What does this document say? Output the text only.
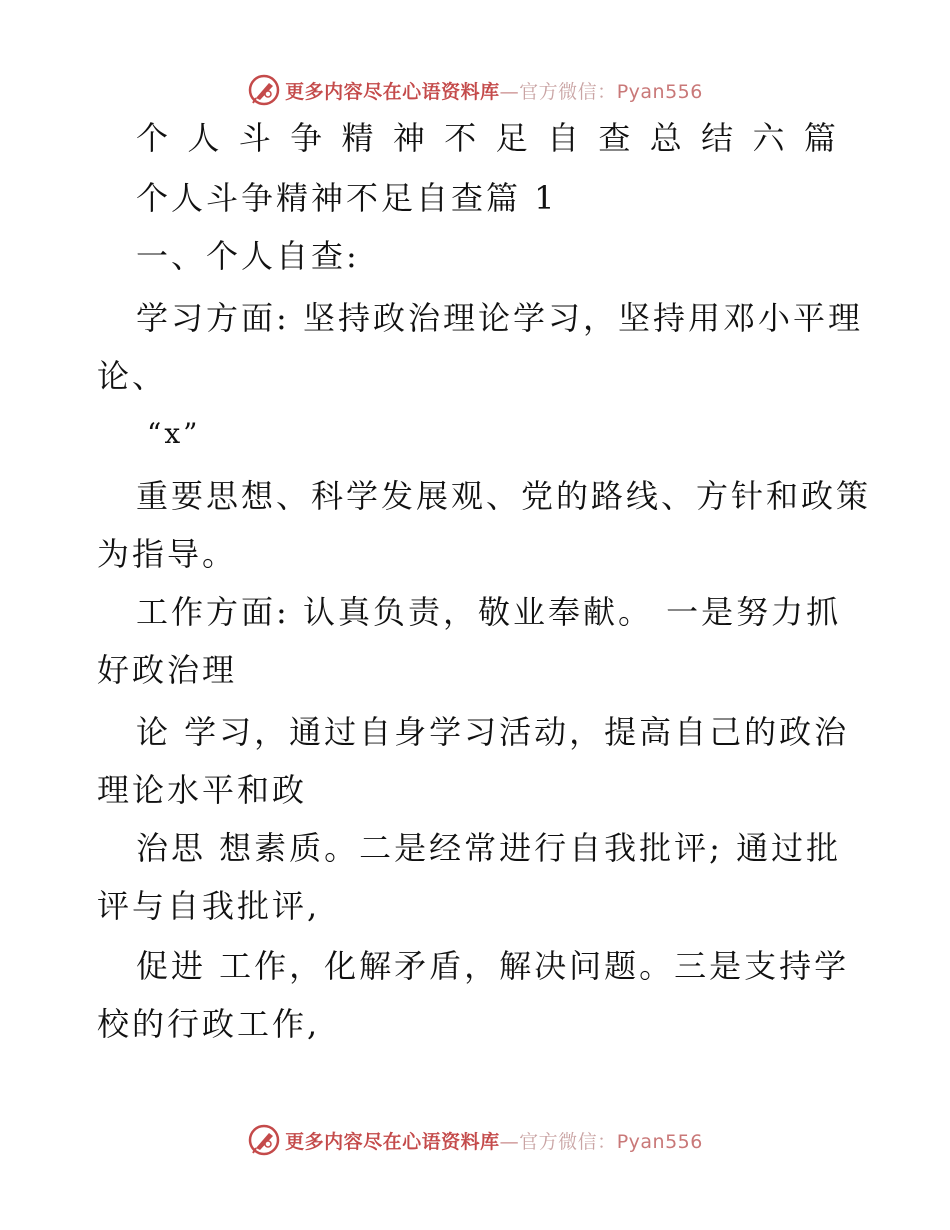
更多内容尽在心语资料库—官方微信：Pyan556
个 人 斗 争 精 神 不 足 自 查 总 结 六 篇
个人斗争精神不足自查篇 1
一、个人自查:
学习方面: 坚持政治理论学习，坚持用邓小平理
论、
“x”
重要思想、科学发展观、党的路线、方针和政策
为指导。
工作方面: 认真负责，敬业奉献。 一是努力抓
好政治理
论 学习，通过自身学习活动，提高自己的政治
理论水平和政
治思 想素质。二是经常进行自我批评; 通过批
评与自我批评,
促进 工作，化解矛盾，解决问题。三是支持学
校的行政工作,
更多内容尽在心语资料库—官方微信：Pyan556
